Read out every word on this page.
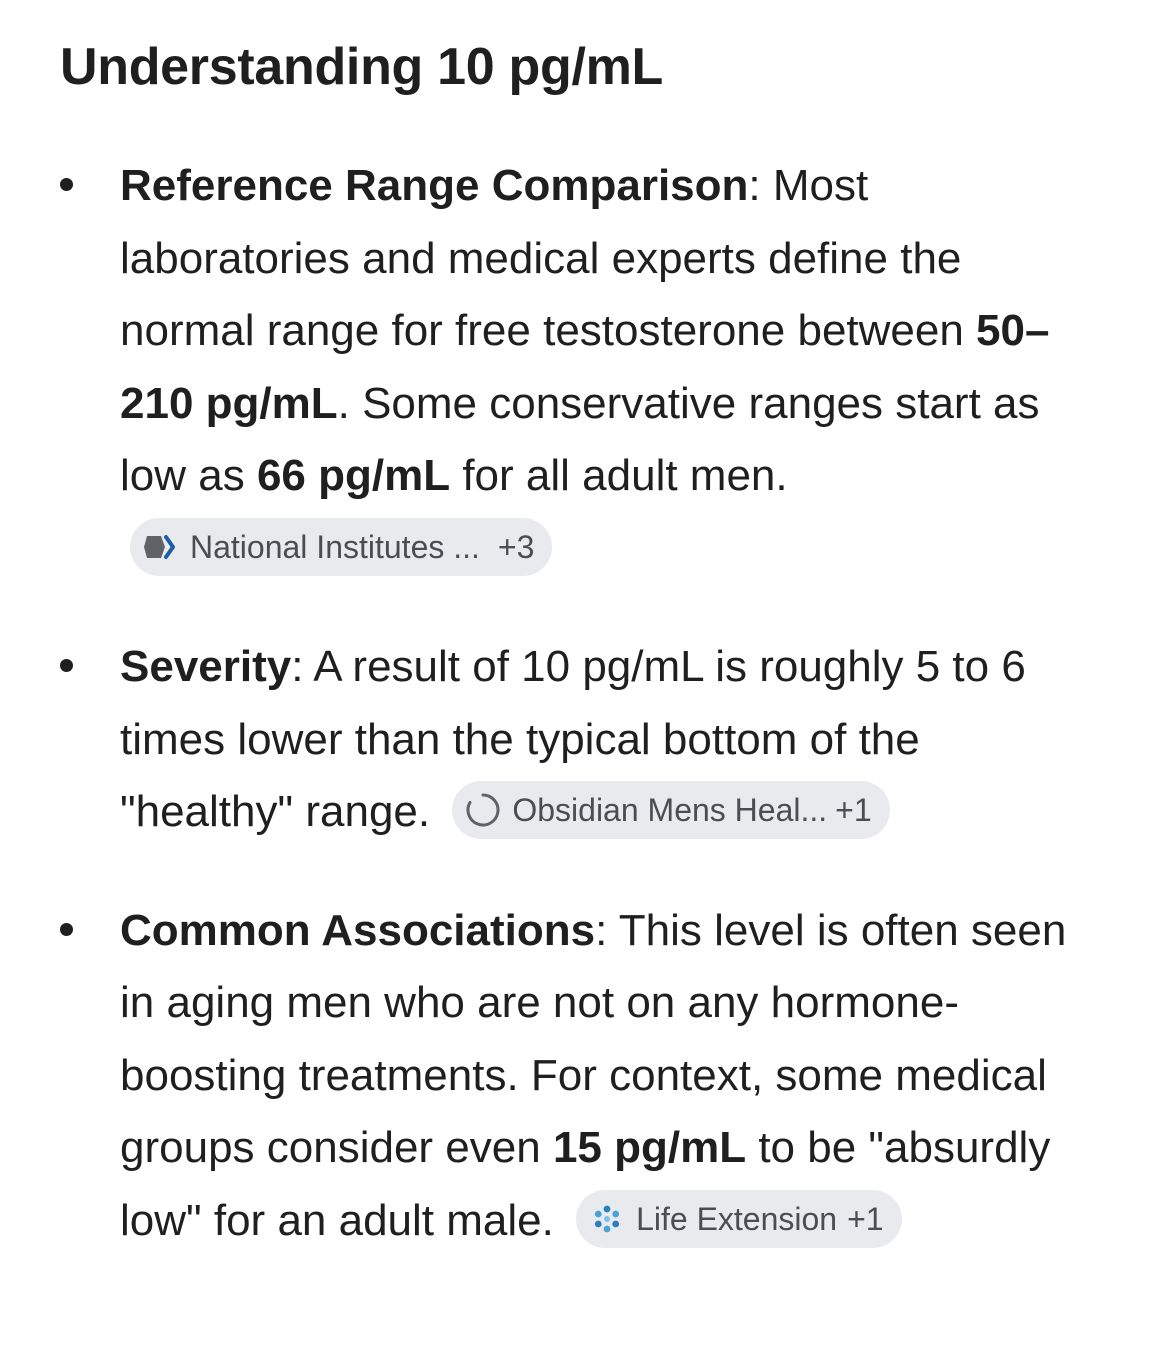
Understanding 10 pg/mL
Reference Range Comparison: Most laboratories and medical experts define the normal range for free testosterone between 50–210 pg/mL. Some conservative ranges start as low as 66 pg/mL for all adult men.
National Institutes ... +3
Severity: A result of 10 pg/mL is roughly 5 to 6 times lower than the typical bottom of the "healthy" range.	Obsidian Mens Heal... +1
Common Associations: This level is often seen in aging men who are not on any hormone-boosting treatments. For context, some medical groups consider even 15 pg/mL to be "absurdly low" for an adult male.	Life Extension +1
